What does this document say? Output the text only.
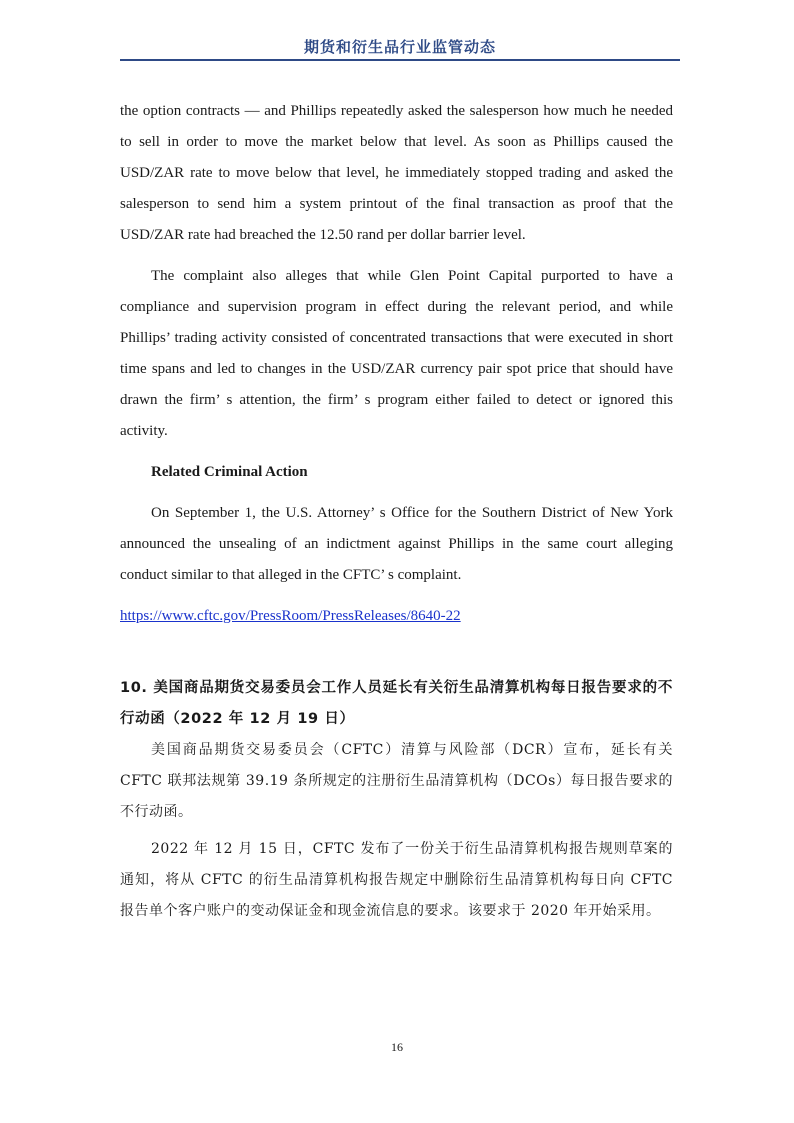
期货和衍生品行业监管动态

the option contracts — and Phillips repeatedly asked the salesperson how much he needed to sell in order to move the market below that level. As soon as Phillips caused the USD/ZAR rate to move below that level, he immediately stopped trading and asked the salesperson to send him a system printout of the final transaction as proof that the USD/ZAR rate had breached the 12.50 rand per dollar barrier level.

The complaint also alleges that while Glen Point Capital purported to have a compliance and supervision program in effect during the relevant period, and while Phillips’ trading activity consisted of concentrated transactions that were executed in short time spans and led to changes in the USD/ZAR currency pair spot price that should have drawn the firm’ s attention, the firm’ s program either failed to detect or ignored this activity.

Related Criminal Action

On September 1, the U.S. Attorney’ s Office for the Southern District of New York announced the unsealing of an indictment against Phillips in the same court alleging conduct similar to that alleged in the CFTC’ s complaint.

https://www.cftc.gov/PressRoom/PressReleases/8640-22
10. 美国商品期货交易委员会工作人员延长有关衍生品清算机构每日报告要求的不行动函（2022 年 12 月 19 日）

美国商品期货交易委员会（CFTC）清算与风险部（DCR）宣布，延长有关 CFTC 联邦法规第 39.19 条所规定的注册衍生品清算机构（DCOs）每日报告要求的不行动函。

2022 年 12 月 15 日，CFTC 发布了一份关于衍生品清算机构报告规则草案的通知，将从 CFTC 的衍生品清算机构报告规定中删除衍生品清算机构每日向 CFTC 报告单个客户账户的变动保证金和现金流信息的要求。该要求于 2020 年开始采用。

16
